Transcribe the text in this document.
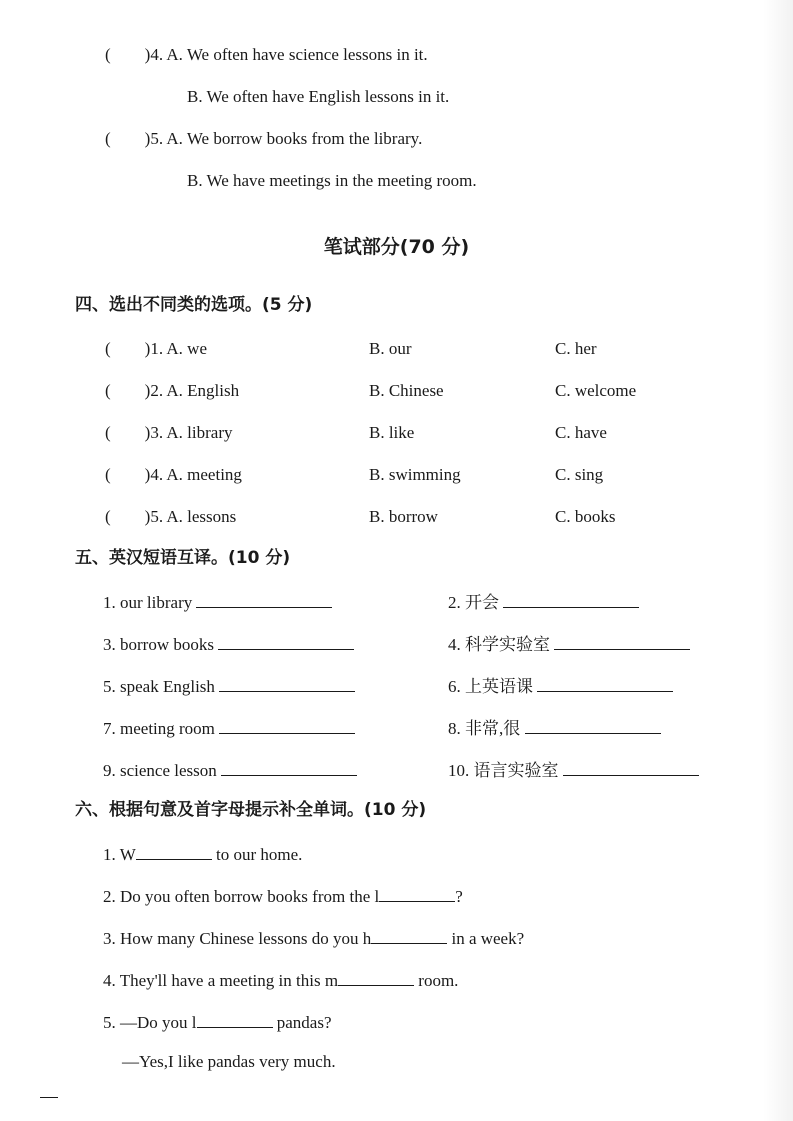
(　　)4. A. We often have science lessons in it.
B. We often have English lessons in it.
(　　)5. A. We borrow books from the library.
B. We have meetings in the meeting room.
笔试部分(70 分)
四、选出不同类的选项。(5 分)
(　　)1. A. we	B. our	C. her
(　　)2. A. English	B. Chinese	C. welcome
(　　)3. A. library	B. like	C. have
(　　)4. A. meeting	B. swimming	C. sing
(　　)5. A. lessons	B. borrow	C. books
五、英汉短语互译。(10 分)
1. our library	2. 开会
3. borrow books	4. 科学实验室
5. speak English	6. 上英语课
7. meeting room	8. 非常,很
9. science lesson	10. 语言实验室
六、根据句意及首字母提示补全单词。(10 分)
1. W	to our home.
2. Do you often borrow books from the l	?
3. How many Chinese lessons do you h	in a week?
4. They'll have a meeting in this m	room.
5. —Do you l	pandas?
—Yes,I like pandas very much.
